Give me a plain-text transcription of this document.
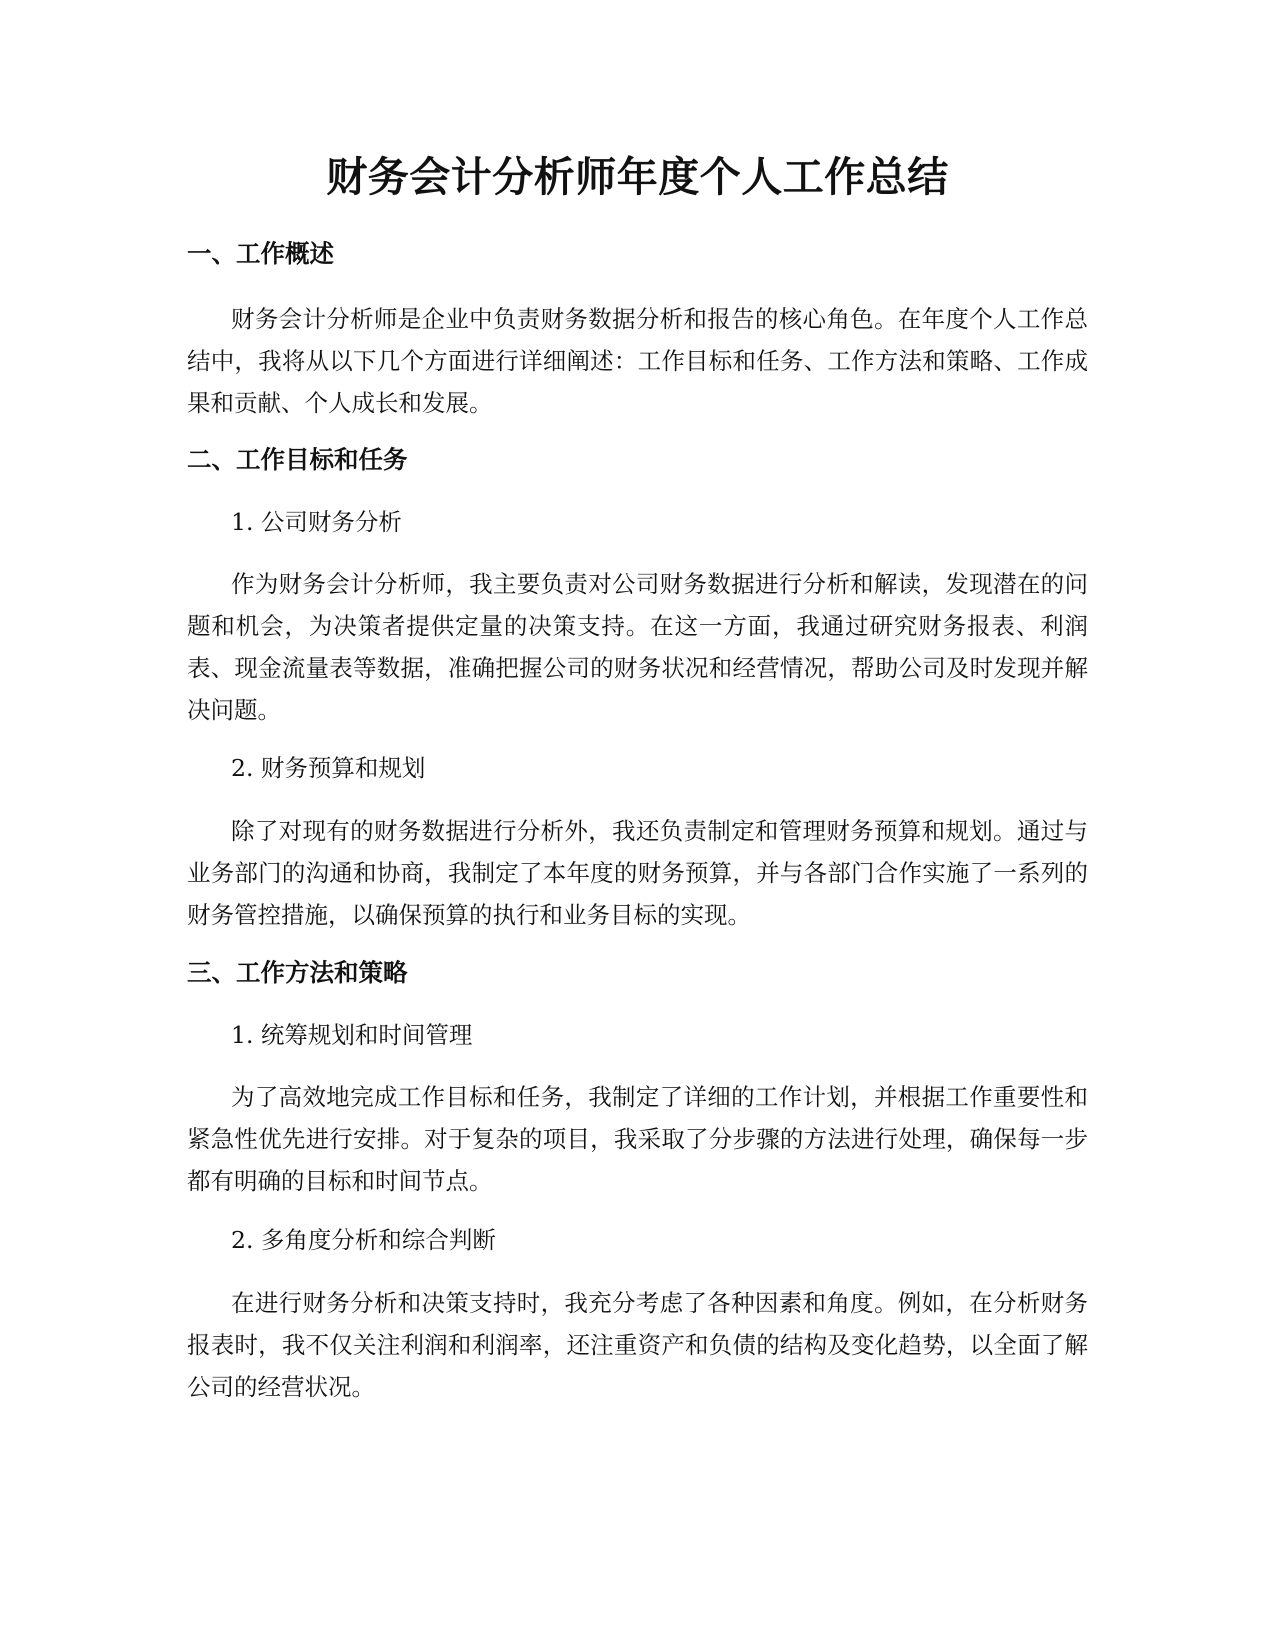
财务会计分析师年度个人工作总结
一、工作概述

财务会计分析师是企业中负责财务数据分析和报告的核心角色。在年度个人工作总结中，我将从以下几个方面进行详细阐述：工作目标和任务、工作方法和策略、工作成果和贡献、个人成长和发展。

二、工作目标和任务
1. 公司财务分析

作为财务会计分析师，我主要负责对公司财务数据进行分析和解读，发现潜在的问题和机会，为决策者提供定量的决策支持。在这一方面，我通过研究财务报表、利润表、现金流量表等数据，准确把握公司的财务状况和经营情况，帮助公司及时发现并解决问题。

2. 财务预算和规划

除了对现有的财务数据进行分析外，我还负责制定和管理财务预算和规划。通过与业务部门的沟通和协商，我制定了本年度的财务预算，并与各部门合作实施了一系列的财务管控措施，以确保预算的执行和业务目标的实现。

三、工作方法和策略
1. 统筹规划和时间管理

为了高效地完成工作目标和任务，我制定了详细的工作计划，并根据工作重要性和紧急性优先进行安排。对于复杂的项目，我采取了分步骤的方法进行处理，确保每一步都有明确的目标和时间节点。

2. 多角度分析和综合判断

在进行财务分析和决策支持时，我充分考虑了各种因素和角度。例如，在分析财务报表时，我不仅关注利润和利润率，还注重资产和负债的结构及变化趋势，以全面了解公司的经营状况。
